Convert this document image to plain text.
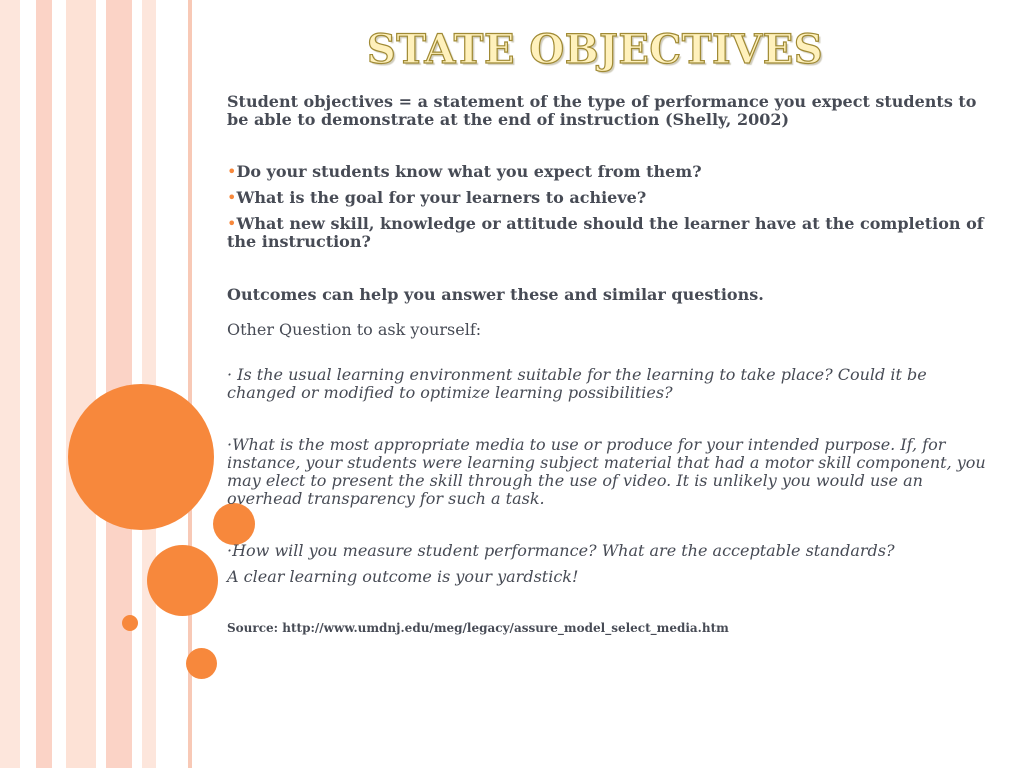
STATE OBJECTIVES

Student objectives = a statement of the type of performance you expect students to be able to demonstrate at the end of instruction (Shelly, 2002)

•Do your students know what you expect from them?

•What is the goal for your learners to achieve?

•What new skill, knowledge or attitude should the learner have at the completion of the instruction?

Outcomes can help you answer these and similar questions.

Other Question to ask yourself:

· Is the usual learning environment suitable for the learning to take place? Could it be changed or modified to optimize learning possibilities?

·What is the most appropriate media to use or produce for your intended purpose. If, for instance, your students were learning subject material that had a motor skill component, you may elect to present the skill through the use of video. It is unlikely you would use an overhead transparency for such a task.

·How will you measure student performance? What are the acceptable standards?

A clear learning outcome is your yardstick!

Source: http://www.umdnj.edu/meg/legacy/assure_model_select_media.htm
